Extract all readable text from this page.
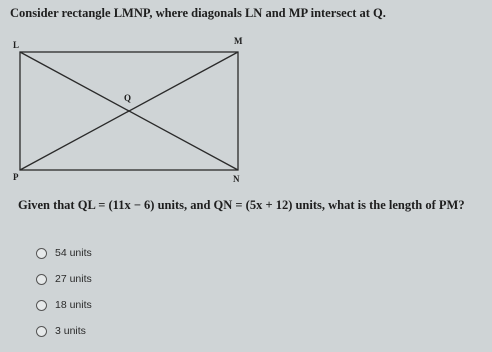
Consider rectangle LMNP, where diagonals LN and MP intersect at Q.
L	M
N
P
Q
Given that QL = (11x − 6) units, and QN = (5x + 12) units, what is the length of PM?
54 units
27 units
18 units
3 units
